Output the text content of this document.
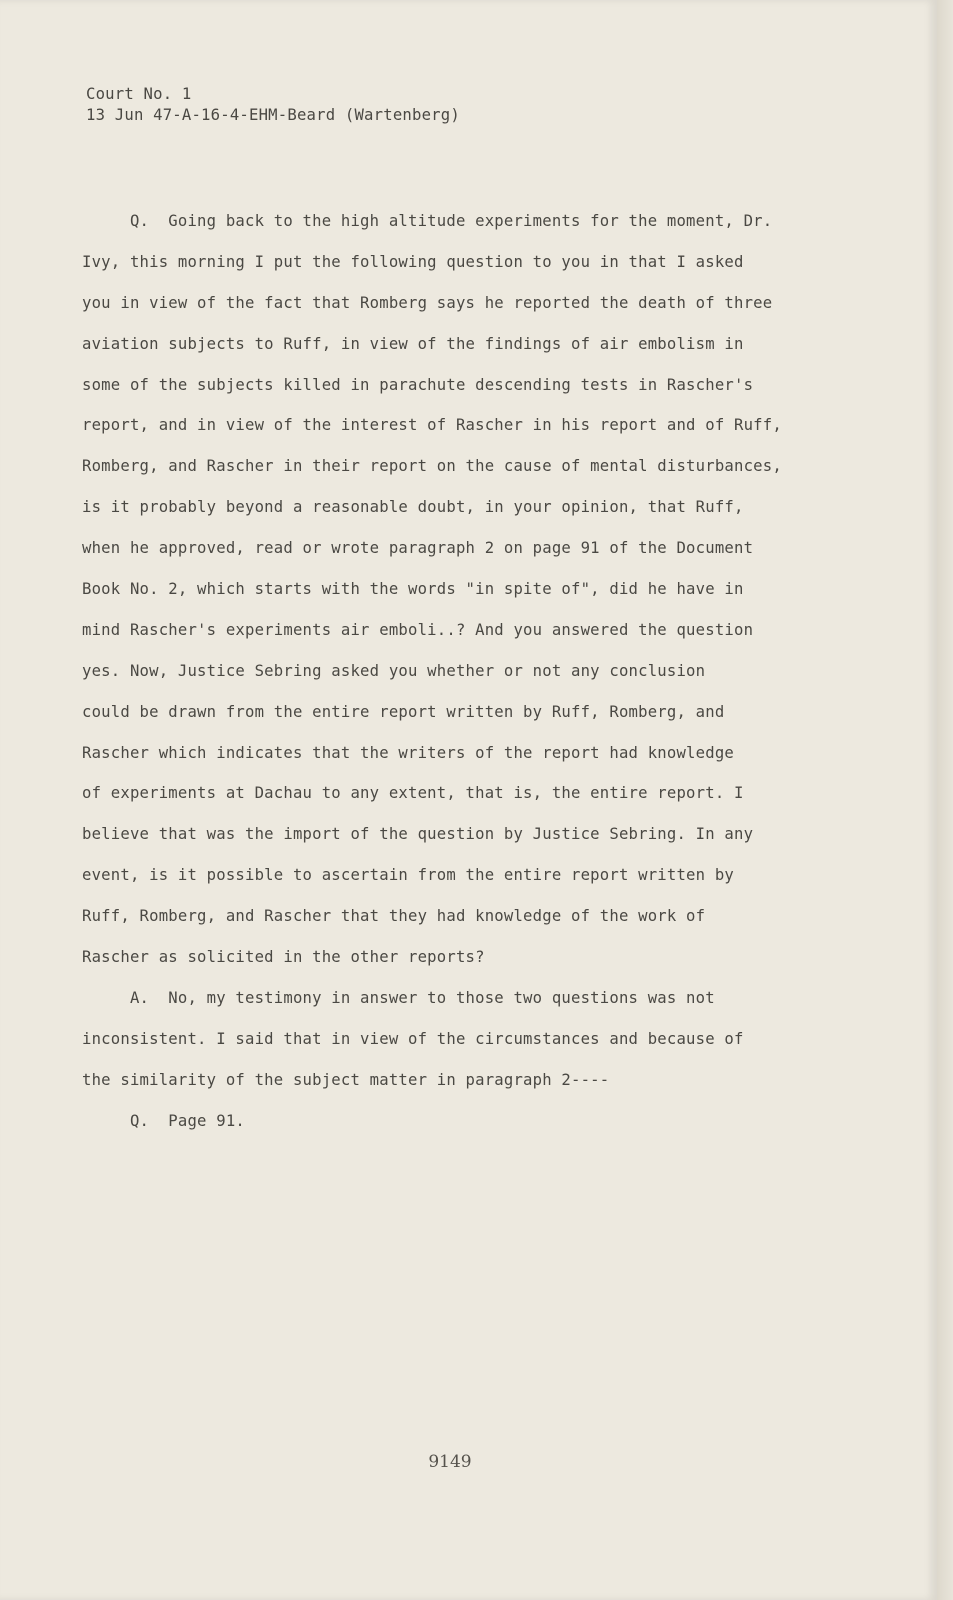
Court No. 1
13 Jun 47-A-16-4-EHM-Beard (Wartenberg)
Q.  Going back to the high altitude experiments for the moment, Dr.
Ivy, this morning I put the following question to you in that I asked
you in view of the fact that Romberg says he reported the death of three
aviation subjects to Ruff, in view of the findings of air embolism in
some of the subjects killed in parachute descending tests in Rascher's
report, and in view of the interest of Rascher in his report and of Ruff,
Romberg, and Rascher in their report on the cause of mental disturbances,
is it probably beyond a reasonable doubt, in your opinion, that Ruff,
when he approved, read or wrote paragraph 2 on page 91 of the Document
Book No. 2, which starts with the words "in spite of", did he have in
mind Rascher's experiments air emboli..? And you answered the question
yes. Now, Justice Sebring asked you whether or not any conclusion
could be drawn from the entire report written by Ruff, Romberg, and
Rascher which indicates that the writers of the report had knowledge
of experiments at Dachau to any extent, that is, the entire report. I
believe that was the import of the question by Justice Sebring. In any
event, is it possible to ascertain from the entire report written by
Ruff, Romberg, and Rascher that they had knowledge of the work of
Rascher as solicited in the other reports?
A.  No, my testimony in answer to those two questions was not
inconsistent. I said that in view of the circumstances and because of
the similarity of the subject matter in paragraph 2----
Q.  Page 91.
9149
